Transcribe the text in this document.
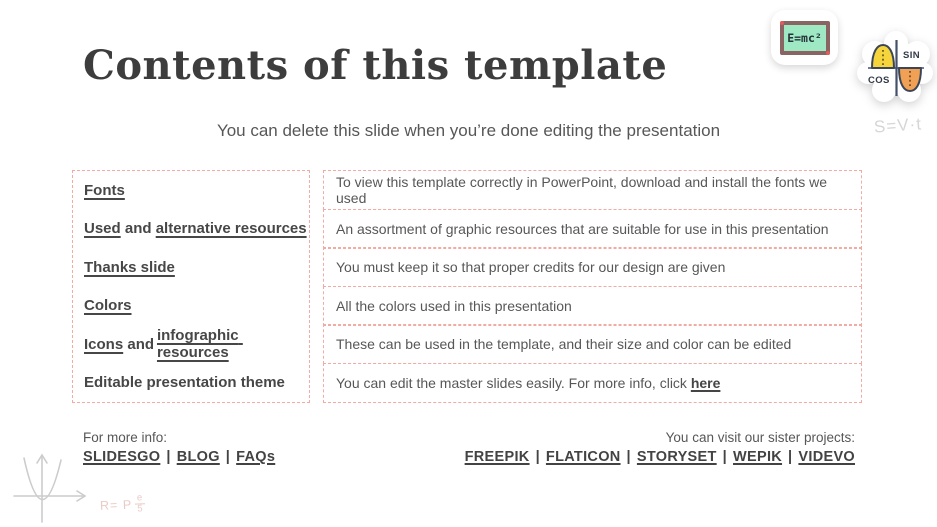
Contents of this template

You can delete this slide when you’re done editing the presentation

E=mc²
SIN
COS
S=V·t
Fonts
Used and alternative resources
Thanks slide
Colors
Icons and
infographic resources
Editable presentation theme
To view this template correctly in PowerPoint, download and install the fonts we used
An assortment of graphic resources that are suitable for use in this presentation
You must keep it so that proper credits for our design are given
All the colors used in this presentation
These can be used in the template, and their size and color can be edited
You can edit the master slides easily. For more info, click here
For more info:
SLIDESGO | BLOG | FAQs
You can visit our sister projects:
FREEPIK | FLATICON | STORYSET | WEPIK | VIDEVO
R= P $\frac{e}{5}$
